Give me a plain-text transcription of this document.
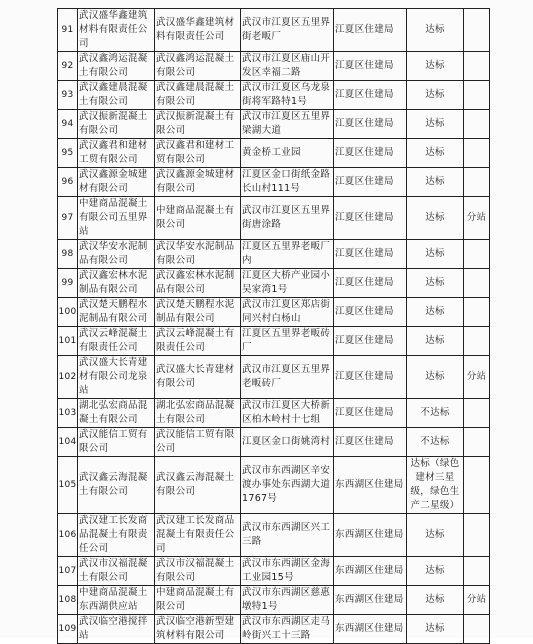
91	武汉盛华鑫建筑材料有限责任公司	武汉盛华鑫建筑材料有限责任公司	武汉市江夏区五里界街老畈厂	江夏区住建局	达标	
92	武汉鑫鸿运混凝土有限公司	武汉鑫鸿运混凝土有限公司	武汉市江夏区庙山开发区幸福二路	江夏区住建局	达标	
93	武汉鑫建晨混凝土有限公司	武汉鑫建晨混凝土有限公司	武汉市江夏区乌龙泉街将军路特1号	江夏区住建局	达标	
94	武汉振新混凝土有限公司	武汉振新混凝土有限公司	武汉市江夏区五里界梁湖大道	江夏区住建局	达标	
95	武汉鑫君和建材工贸有限公司	武汉鑫君和建材工贸有限公司	黄金桥工业园	江夏区住建局	达标	
96	武汉鑫源金城建材有限公司	武汉鑫源金城建材有限公司	江夏区金口街纸金路长山村111号	江夏区住建局	达标	
97	中建商品混凝土有限公司五里界站	中建商品混凝土有限公司	武汉市江夏区五里界街唐涂路	江夏区住建局	达标	分站
98	武汉华安水泥制品有限公司	武汉华安水泥制品有限公司	江夏区五里界老畈厂内	江夏区住建局	达标	
99	武汉鑫宏林水泥制品有限公司	武汉鑫宏林水泥制品有限公司	江夏区大桥产业园小吴家湾1号	江夏区住建局	达标	
100	武汉楚天鹏程水泥制品有限公司	武汉楚天鹏程水泥制品有限公司	武汉市江夏区郑店街同兴村白杨山	江夏区住建局	达标	
101	武汉云峰混凝土有限责任公司	武汉云峰混凝土有限责任公司	江夏区五里界老畈砖厂	江夏区住建局	达标	
102	武汉盛大长青建材有限公司龙泉站	武汉盛大长青建材有限公司	武汉市江夏区五里界老畈砖厂	江夏区住建局	达标	分站
103	湖北弘宏商品混凝土有限公司	湖北弘宏商品混凝土有限公司	武汉市江夏区大桥新区柏木岭村十七组	江夏区住建局	不达标	
104	武汉能信工贸有限公司	武汉能信工贸有限公司	江夏区金口街姚湾村	江夏区住建局	不达标	
105	武汉鑫云海混凝土有限公司	武汉鑫云海混凝土有限公司	武汉市东西湖区辛安渡办事处东西湖大道1767号	东西湖区住建局	达标（绿色建材三星级，绿色生产二星级）	
106	武汉建工长发商品混凝土有限责任公司	武汉建工长发商品混凝土有限责任公司	武汉市东西湖区兴工三路	东西湖区住建局	达标	
107	武汉市汉福混凝土有限公司	武汉市汉福混凝土有限公司	武汉市东西湖区金海工业园15号	东西湖区住建局	达标	
108	中建商品混凝土东西湖供应站	中建商品混凝土有限公司	武汉市东西湖区慈惠墩特1号	东西湖区住建局	达标	分站
109	武汉临空港搅拌站	武汉临空港新型建筑材料有限公司	武汉市东西湖区走马岭街兴工十三路	东西湖区住建局	达标	
